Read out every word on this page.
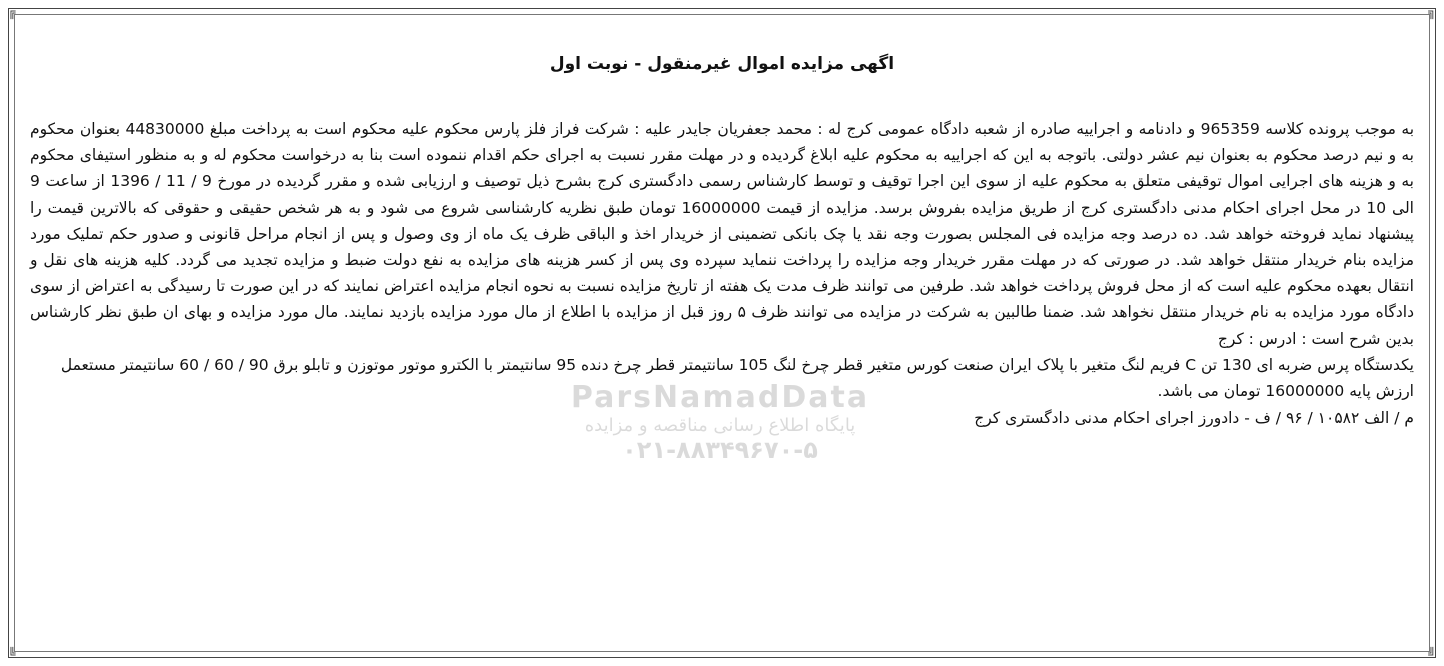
╔	╗
╚	╝
ParsNamadData
پایگاه اطلاع رسانی مناقصه و مزایده
۰۲۱-۸۸۳۴۹۶۷۰-۵
اگهی مزایده اموال غیرمنقول - نوبت اول

به موجب پرونده کلاسه 965359 و دادنامه و اجراییه صادره از شعبه دادگاه عمومی کرج له : محمد جعفریان جایدر علیه : شرکت فراز فلز پارس محکوم علیه محکوم است به پرداخت مبلغ 44830000 بعنوان محکوم به و نیم درصد محکوم به بعنوان نیم عشر دولتی. باتوجه به این که اجراییه به محکوم علیه ابلاغ گردیده و در مهلت مقرر نسبت به اجرای حکم اقدام ننموده است بنا به درخواست محکوم له و به منظور استیفای محکوم به و هزینه های اجرایی اموال توقیفی متعلق به محکوم علیه از سوی این اجرا توقیف و توسط کارشناس رسمی دادگستری کرج بشرح ذیل توصیف و ارزیابی شده و مقرر گردیده در مورخ 9 / 11 / 1396 از ساعت 9 الی 10 در محل اجرای احکام مدنی دادگستری کرج از طریق مزایده بفروش برسد. مزایده از قیمت 16000000 تومان طبق نظریه کارشناسی شروع می شود و به هر شخص حقیقی و حقوقی که بالاترین قیمت را پیشنهاد نماید فروخته خواهد شد. ده درصد وجه مزایده فی المجلس بصورت وجه نقد یا چک بانکی تضمینی از خریدار اخذ و الباقی ظرف یک ماه از وی وصول و پس از انجام مراحل قانونی و صدور حکم تملیک مورد مزایده بنام خریدار منتقل خواهد شد. در صورتی که در مهلت مقرر خریدار وجه مزایده را پرداخت ننماید سپرده وی پس از کسر هزینه های مزایده به نفع دولت ضبط و مزایده تجدید می گردد. کلیه هزینه های نقل و انتقال بعهده محکوم علیه است که از محل فروش پرداخت خواهد شد. طرفین می توانند ظرف مدت یک هفته از تاریخ مزایده نسبت به نحوه انجام مزایده اعتراض نمایند که در این صورت تا رسیدگی به اعتراض از سوی دادگاه مورد مزایده به نام خریدار منتقل نخواهد شد. ضمنا طالبین به شرکت در مزایده می توانند ظرف ۵ روز قبل از مزایده با اطلاع از مال مورد مزایده بازدید نمایند. مال مورد مزایده و بهای ان طبق نظر کارشناس بدین شرح است : ادرس : کرج

یکدستگاه پرس ضربه ای 130 تن C فریم لنگ متغیر با پلاک ایران صنعت کورس متغیر قطر چرخ لنگ 105 سانتیمتر قطر چرخ دنده 95 سانتیمتر با الکترو موتور موتوزن و تابلو برق 90 / 60 / 60 سانتیمتر مستعمل ارزش پایه 16000000 تومان می باشد.

م / الف ۱۰۵۸۲ / ۹۶ / ف - دادورز اجرای احکام مدنی دادگستری کرج
